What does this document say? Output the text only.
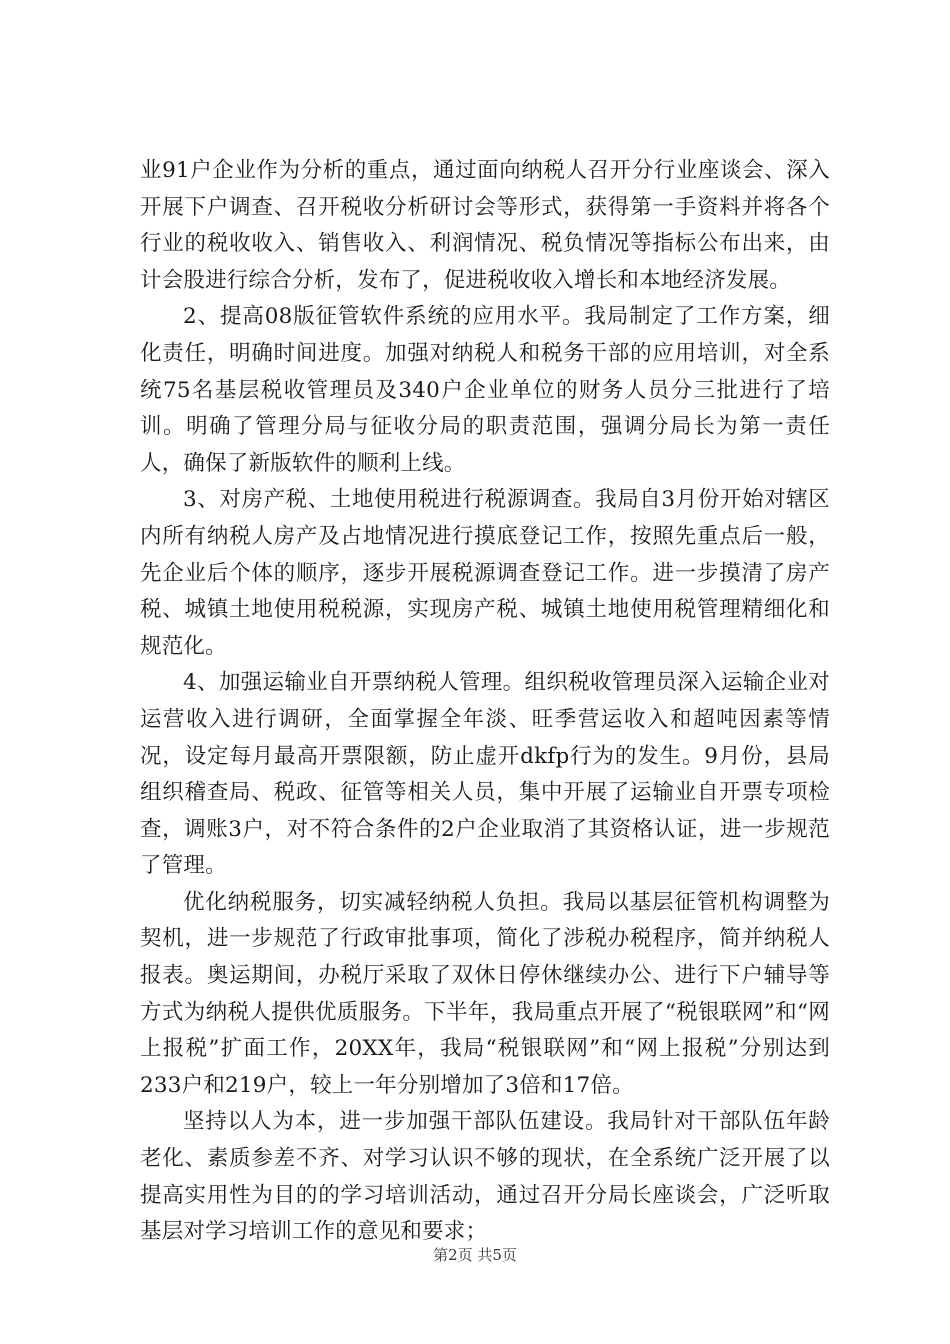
业91户企业作为分析的重点，通过面向纳税人召开分行业座谈会、深入开展下户调查、召开税收分析研讨会等形式，获得第一手资料并将各个行业的税收收入、销售收入、利润情况、税负情况等指标公布出来，由计会股进行综合分析，发布了，促进税收收入增长和本地经济发展。

2、提高08版征管软件系统的应用水平。我局制定了工作方案，细化责任，明确时间进度。加强对纳税人和税务干部的应用培训，对全系统75名基层税收管理员及340户企业单位的财务人员分三批进行了培训。明确了管理分局与征收分局的职责范围，强调分局长为第一责任人，确保了新版软件的顺利上线。

3、对房产税、土地使用税进行税源调查。我局自3月份开始对辖区内所有纳税人房产及占地情况进行摸底登记工作，按照先重点后一般，先企业后个体的顺序，逐步开展税源调查登记工作。进一步摸清了房产税、城镇土地使用税税源，实现房产税、城镇土地使用税管理精细化和规范化。

4、加强运输业自开票纳税人管理。组织税收管理员深入运输企业对运营收入进行调研，全面掌握全年淡、旺季营运收入和超吨因素等情况，设定每月最高开票限额，防止虚开dkfp行为的发生。9月份，县局组织稽查局、税政、征管等相关人员，集中开展了运输业自开票专项检查，调账3户，对不符合条件的2户企业取消了其资格认证，进一步规范了管理。

优化纳税服务，切实减轻纳税人负担。我局以基层征管机构调整为契机，进一步规范了行政审批事项，简化了涉税办税程序，简并纳税人报表。奥运期间，办税厅采取了双休日停休继续办公、进行下户辅导等方式为纳税人提供优质服务。下半年，我局重点开展了“税银联网”和“网上报税”扩面工作，20XX年，我局“税银联网”和“网上报税”分别达到233户和219户，较上一年分别增加了3倍和17倍。

坚持以人为本，进一步加强干部队伍建设。我局针对干部队伍年龄老化、素质参差不齐、对学习认识不够的现状，在全系统广泛开展了以提高实用性为目的的学习培训活动，通过召开分局长座谈会，广泛听取基层对学习培训工作的意见和要求；

第2页 共5页
